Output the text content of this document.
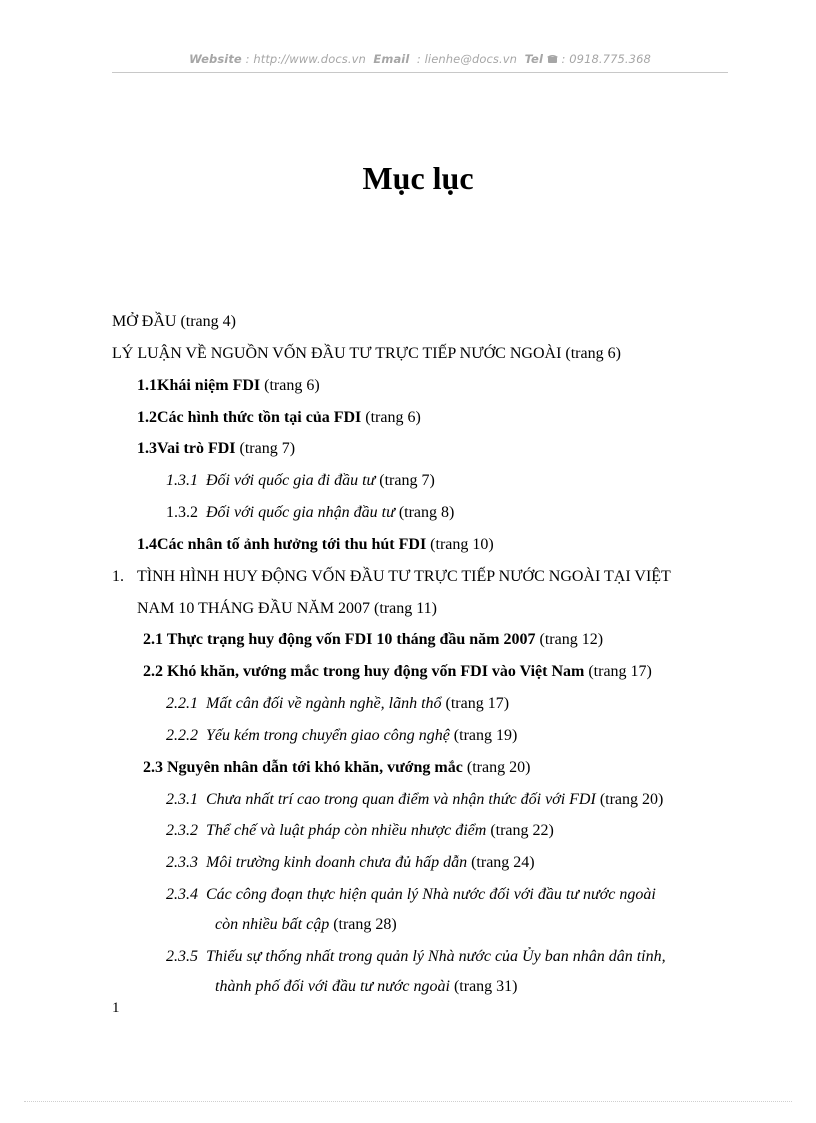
Website : http://www.docs.vn Email : lienhe@docs.vn Tel : 0918.775.368
Mục lục
MỞ ĐẦU (trang 4)
LÝ LUẬN VỀ NGUỒN VỐN ĐẦU TƯ TRỰC TIẾP NƯỚC NGOÀI (trang 6)
1.1Khái niệm FDI (trang 6)
1.2Các hình thức tồn tại của FDI (trang 6)
1.3Vai trò FDI (trang 7)
1.3.1 Đối với quốc gia đi đầu tư (trang 7)
1.3.2 Đối với quốc gia nhận đầu tư (trang 8)
1.4Các nhân tố ảnh hưởng tới thu hút FDI (trang 10)
1. TÌNH HÌNH HUY ĐỘNG VỐN ĐẦU TƯ TRỰC TIẾP NƯỚC NGOÀI TẠI VIỆT
NAM 10 THÁNG ĐẦU NĂM 2007 (trang 11)
2.1 Thực trạng huy động vốn FDI 10 tháng đầu năm 2007 (trang 12)
2.2 Khó khăn, vướng mắc trong huy động vốn FDI vào Việt Nam (trang 17)
2.2.1 Mất cân đối về ngành nghề, lãnh thổ (trang 17)
2.2.2 Yếu kém trong chuyển giao công nghệ (trang 19)
2.3 Nguyên nhân dẫn tới khó khăn, vướng mắc (trang 20)
2.3.1 Chưa nhất trí cao trong quan điểm và nhận thức đối với FDI (trang 20)
2.3.2 Thể chế và luật pháp còn nhiều nhược điểm (trang 22)
2.3.3 Môi trường kinh doanh chưa đủ hấp dẫn (trang 24)
2.3.4 Các công đoạn thực hiện quản lý Nhà nước đối với đầu tư nước ngoài
còn nhiều bất cập (trang 28)
2.3.5 Thiếu sự thống nhất trong quản lý Nhà nước của Ủy ban nhân dân tỉnh,
thành phố đối với đầu tư nước ngoài (trang 31)
1
